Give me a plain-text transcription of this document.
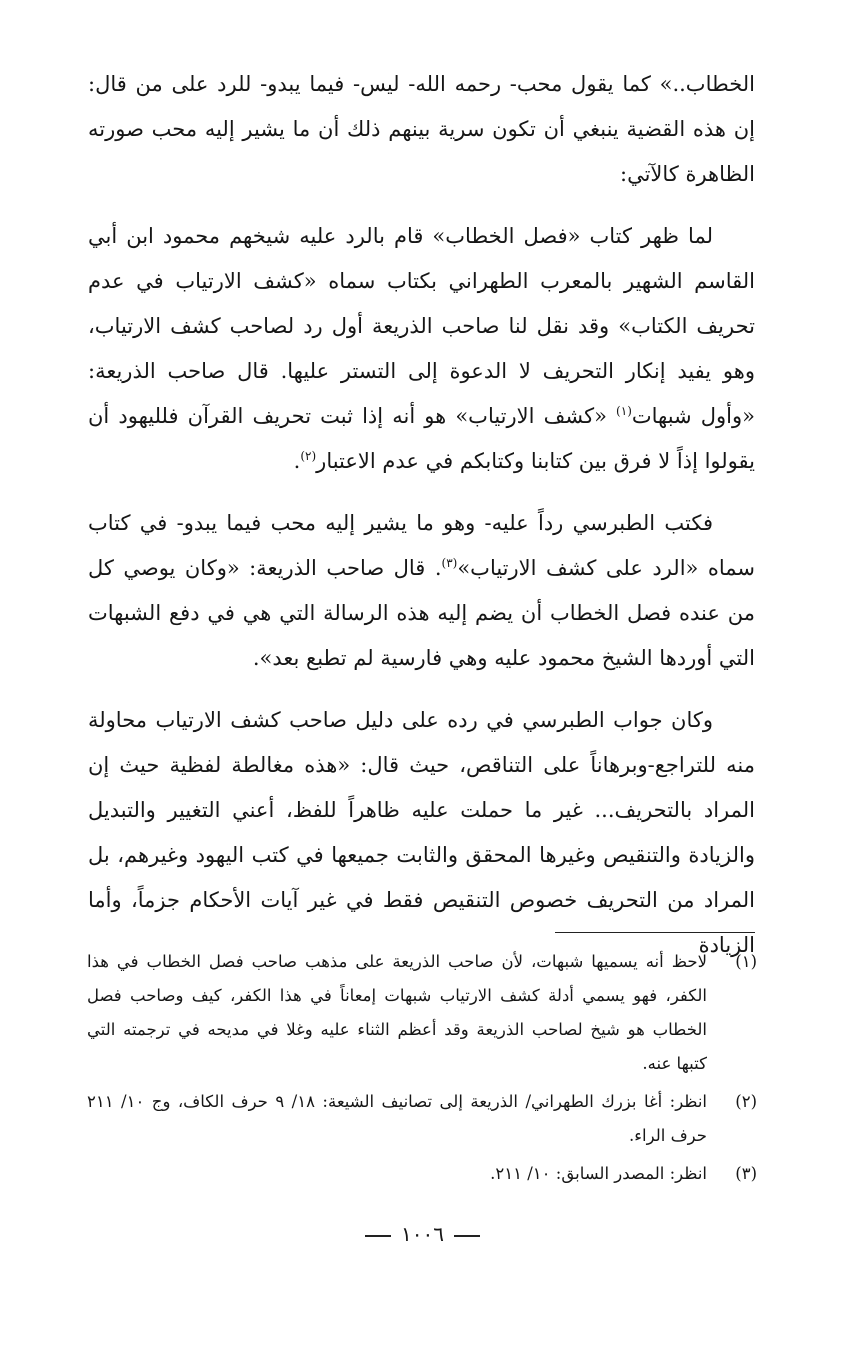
الخطاب..» كما يقول محب- رحمه الله- ليس- فيما يبدو- للرد على من قال: إن هذه القضية ينبغي أن تكون سرية بينهم ذلك أن ما يشير إليه محب صورته الظاهرة كالآتي:

لما ظهر كتاب «فصل الخطاب» قام بالرد عليه شيخهم محمود ابن أبي القاسم الشهير بالمعرب الطهراني بكتاب سماه «كشف الارتياب في عدم تحريف الكتاب» وقد نقل لنا صاحب الذريعة أول رد لصاحب كشف الارتياب، وهو يفيد إنكار التحريف لا الدعوة إلى التستر عليها. قال صاحب الذريعة: «وأول شبهات$^{(١)}$ «كشف الارتياب» هو أنه إذا ثبت تحريف القرآن فلليهود أن يقولوا إذاً لا فرق بين كتابنا وكتابكم في عدم الاعتبار$^{(٢)}$.

فكتب الطبرسي رداً عليه- وهو ما يشير إليه محب فيما يبدو- في كتاب سماه «الرد على كشف الارتياب»$^{(٣)}$. قال صاحب الذريعة: «وكان يوصي كل من عنده فصل الخطاب أن يضم إليه هذه الرسالة التي هي في دفع الشبهات التي أوردها الشيخ محمود عليه وهي فارسية لم تطبع بعد».

وكان جواب الطبرسي في رده على دليل صاحب كشف الارتياب محاولة منه للتراجع-وبرهاناً على التناقص، حيث قال: «هذه مغالطة لفظية حيث إن المراد بالتحريف... غير ما حملت عليه ظاهراً للفظ، أعني التغيير والتبديل والزيادة والتنقيص وغيرها المحقق والثابت جميعها في كتب اليهود وغيرهم، بل المراد من التحريف خصوص التنقيص فقط في غير آيات الأحكام جزماً، وأما الزيادة

(١)
لاحظ أنه يسميها شبهات، لأن صاحب الذريعة على مذهب صاحب فصل الخطاب في هذا الكفر، فهو يسمي أدلة كشف الارتياب شبهات إمعاناً في هذا الكفر، كيف وصاحب فصل الخطاب هو شيخ لصاحب الذريعة وقد أعظم الثناء عليه وغلا في مديحه في ترجمته التي كتبها عنه.
(٢)
انظر: أغا بزرك الطهراني/ الذريعة إلى تصانيف الشيعة: ١٨/ ٩ حرف الكاف، وج ١٠/ ٢١١ حرف الراء.
(٣)
انظر: المصدر السابق: ١٠/ ٢١١.
١٠٠٦
